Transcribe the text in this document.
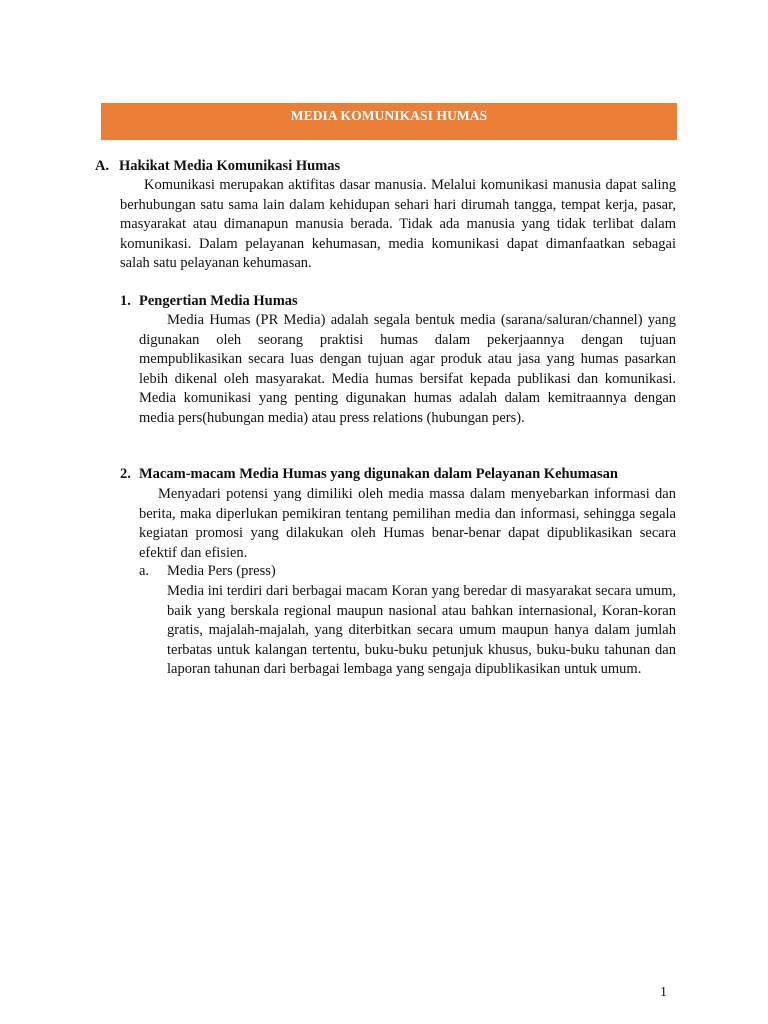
MEDIA KOMUNIKASI HUMAS
A. Hakikat Media Komunikasi Humas

Komunikasi merupakan aktifitas dasar manusia. Melalui komunikasi manusia dapat saling berhubungan satu sama lain dalam kehidupan sehari hari dirumah tangga, tempat kerja, pasar, masyarakat atau dimanapun manusia berada. Tidak ada manusia yang tidak terlibat dalam komunikasi. Dalam pelayanan kehumasan, media komunikasi dapat dimanfaatkan sebagai salah satu pelayanan kehumasan.

1. Pengertian Media Humas

Media Humas (PR Media) adalah segala bentuk media (sarana/saluran/channel) yang digunakan oleh seorang praktisi humas dalam pekerjaannya dengan tujuan mempublikasikan secara luas dengan tujuan agar produk atau jasa yang humas pasarkan lebih dikenal oleh masyarakat. Media humas bersifat kepada publikasi dan komunikasi. Media komunikasi yang penting digunakan humas adalah dalam kemitraannya dengan media pers(hubungan media) atau press relations (hubungan pers).

2. Macam-macam Media Humas yang digunakan dalam Pelayanan Kehumasan

Menyadari potensi yang dimiliki oleh media massa dalam menyebarkan informasi dan berita, maka diperlukan pemikiran tentang pemilihan media dan informasi, sehingga segala kegiatan promosi yang dilakukan oleh Humas benar-benar dapat dipublikasikan secara efektif dan efisien.

a. Media Pers (press)

Media ini terdiri dari berbagai macam Koran yang beredar di masyarakat secara umum, baik yang berskala regional maupun nasional atau bahkan internasional, Koran-koran gratis, majalah-majalah, yang diterbitkan secara umum maupun hanya dalam jumlah terbatas untuk kalangan tertentu, buku-buku petunjuk khusus, buku-buku tahunan dan laporan tahunan dari berbagai lembaga yang sengaja dipublikasikan untuk umum.

1
